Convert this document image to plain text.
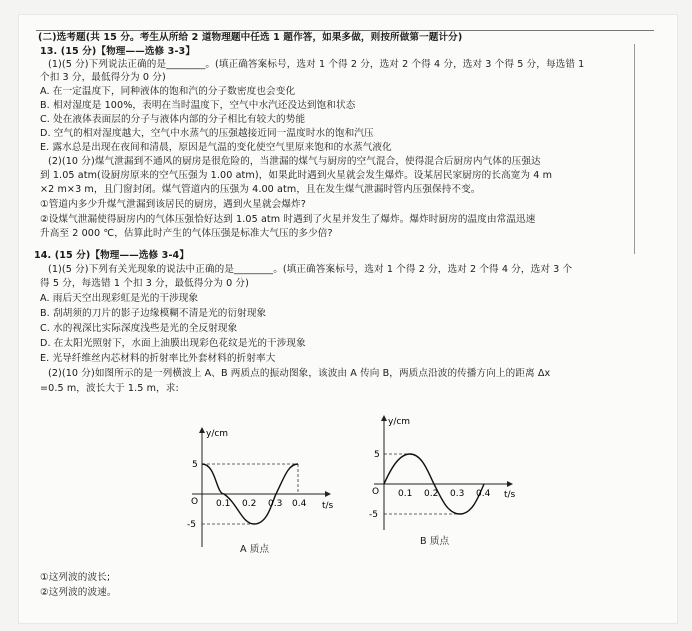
(二)选考题(共 15 分。考生从所给 2 道物理题中任选 1 题作答，如果多做，则按所做第一题计分)
13. (15 分)【物理——选修 3-3】
(1)(5 分)下列说法正确的是________。(填正确答案标号，选对 1 个得 2 分，选对 2 个得 4 分，选对 3 个得 5 分，每选错 1
个扣 3 分，最低得分为 0 分)
A. 在一定温度下，同种液体的饱和汽的分子数密度也会变化
B. 相对湿度是 100%，表明在当时温度下，空气中水汽还没达到饱和状态
C. 处在液体表面层的分子与液体内部的分子相比有较大的势能
D. 空气的相对湿度越大，空气中水蒸气的压强越接近同一温度时水的饱和汽压
E. 露水总是出现在夜间和清晨，原因是气温的变化使空气里原来饱和的水蒸气液化
(2)(10 分)煤气泄漏到不通风的厨房是很危险的，当泄漏的煤气与厨房的空气混合，使得混合后厨房内气体的压强达
到 1.05 atm(设厨房原来的空气压强为 1.00 atm)，如果此时遇到火星就会发生爆炸。设某居民家厨房的长高宽为 4 m
×2 m×3 m，且门窗封闭。煤气管道内的压强为 4.00 atm，且在发生煤气泄漏时管内压强保持不变。
①管道内多少升煤气泄漏到该居民的厨房，遇到火星就会爆炸?
②设煤气泄漏使得厨房内的气体压强恰好达到 1.05 atm 时遇到了火星并发生了爆炸。爆炸时厨房的温度由常温迅速
升高至 2 000 ℃，估算此时产生的气体压强是标准大气压的多少倍?
14. (15 分)【物理——选修 3-4】
(1)(5 分)下列有关光现象的说法中正确的是________。(填正确答案标号，选对 1 个得 2 分，选对 2 个得 4 分，选对 3 个
得 5 分，每选错 1 个扣 3 分，最低得分为 0 分)
A. 雨后天空出现彩虹是光的干涉现象
B. 刮胡须的刀片的影子边缘模糊不清是光的衍射现象
C. 水的视深比实际深度浅些是光的全反射现象
D. 在太阳光照射下，水面上油膜出现彩色花纹是光的干涉现象
E. 光导纤维丝内芯材料的折射率比外套材料的折射率大
(2)(10 分)如图所示的是一列横波上 A、B 两质点的振动图象，该波由 A 传向 B，两质点沿波的传播方向上的距离 Δx
=0.5 m，波长大于 1.5 m，求:
y/cm
t/s
O
5
-5
0.1 0.2 0.3 0.4
A 质点
y/cm
t/s
O
5
-5
0.1 0.2 0.3 0.4
B 质点
①这列波的波长;
②这列波的波速。
